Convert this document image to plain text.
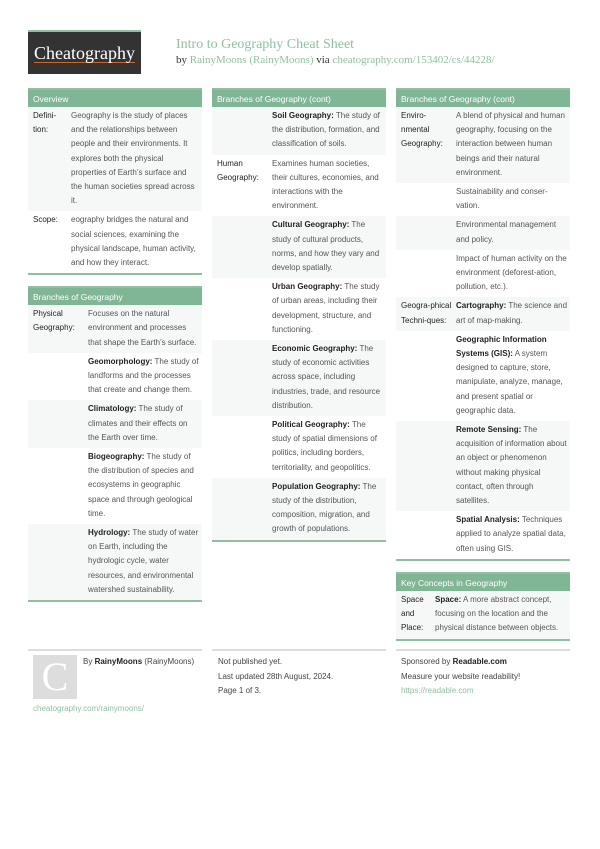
Cheatography	Intro to Geography Cheat Sheet
by RainyMoons (RainyMoons) via cheatography.com/153402/cs/44228/
Overview
Defini-tion:
Geography is the study of places and the relationships between people and their environments. It explores both the physical properties of Earth’s surface and the human societies spread across it.
Scope:	eography bridges the natural and social sciences, examining the physical landscape, human activity, and how they interact.
Branches of Geography
Physical Geography:
Focuses on the natural environment and processes that shape the Earth’s surface.
Geomorphology: The study of landforms and the processes that create and change them.
Climatology: The study of climates and their effects on the Earth over time.
Biogeography: The study of the distribution of species and ecosystems in geographic space and through geological time.
Hydrology: The study of water on Earth, including the hydrologic cycle, water resources, and environmental watershed sustainability.
Branches of Geography (cont)
Soil Geography: The study of the distribution, formation, and classification of soils.
Human Geography:
Examines human societies, their cultures, economies, and interactions with the environment.
Cultural Geography: The study of cultural products, norms, and how they vary and develop spatially.
Urban Geography: The study of urban areas, including their development, structure, and functioning.
Economic Geography: The study of economic activities across space, including industries, trade, and resource distribution.
Political Geography: The study of spatial dimensions of politics, including borders, territoriality, and geopolitics.
Population Geography: The study of the distribution, composition, migration, and growth of populations.
Branches of Geography (cont)
Enviro-nmental Geography:
A blend of physical and human geography, focusing on the interaction between human beings and their natural environment.
Sustainability and conser-vation.
Environmental management and policy.
Impact of human activity on the environment (deforest-ation, pollution, etc.).
Geogra-phical Techni-ques:
Cartography: The science and art of map-making.
Geographic Information Systems (GIS): A system designed to capture, store, manipulate, analyze, manage, and present spatial or geographic data.
Remote Sensing: The acquisition of information about an object or phenomenon without making physical contact, often through satellites.
Spatial Analysis: Techniques applied to analyze spatial data, often using GIS.
Key Concepts in Geography
Space and Place:
Space: A more abstract concept, focusing on the location and the physical distance between objects.
C	By RainyMoons (RainyMoons)
cheatography.com/rainymoons/
Not published yet.
Last updated 28th August, 2024.
Page 1 of 3.
Sponsored by Readable.com
Measure your website readability!
https://readable.com
